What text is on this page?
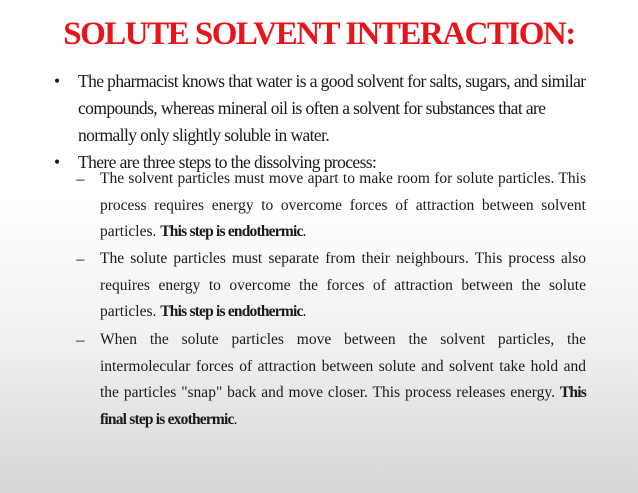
SOLUTE SOLVENT INTERACTION:
• The pharmacist knows that water is a good solvent for salts, sugars, and similar compounds, whereas mineral oil is often a solvent for substances that are normally only slightly soluble in water.
• There are three steps to the dissolving process:
– The solvent particles must move apart to make room for solute particles. This process requires energy to overcome forces of attraction between solvent particles. This step is endothermic.
– The solute particles must separate from their neighbours. This process also requires energy to overcome the forces of attraction between the solute particles. This step is endothermic.
– When the solute particles move between the solvent particles, the intermolecular forces of attraction between solute and solvent take hold and the particles "snap" back and move closer. This process releases energy. This final step is exothermic.
